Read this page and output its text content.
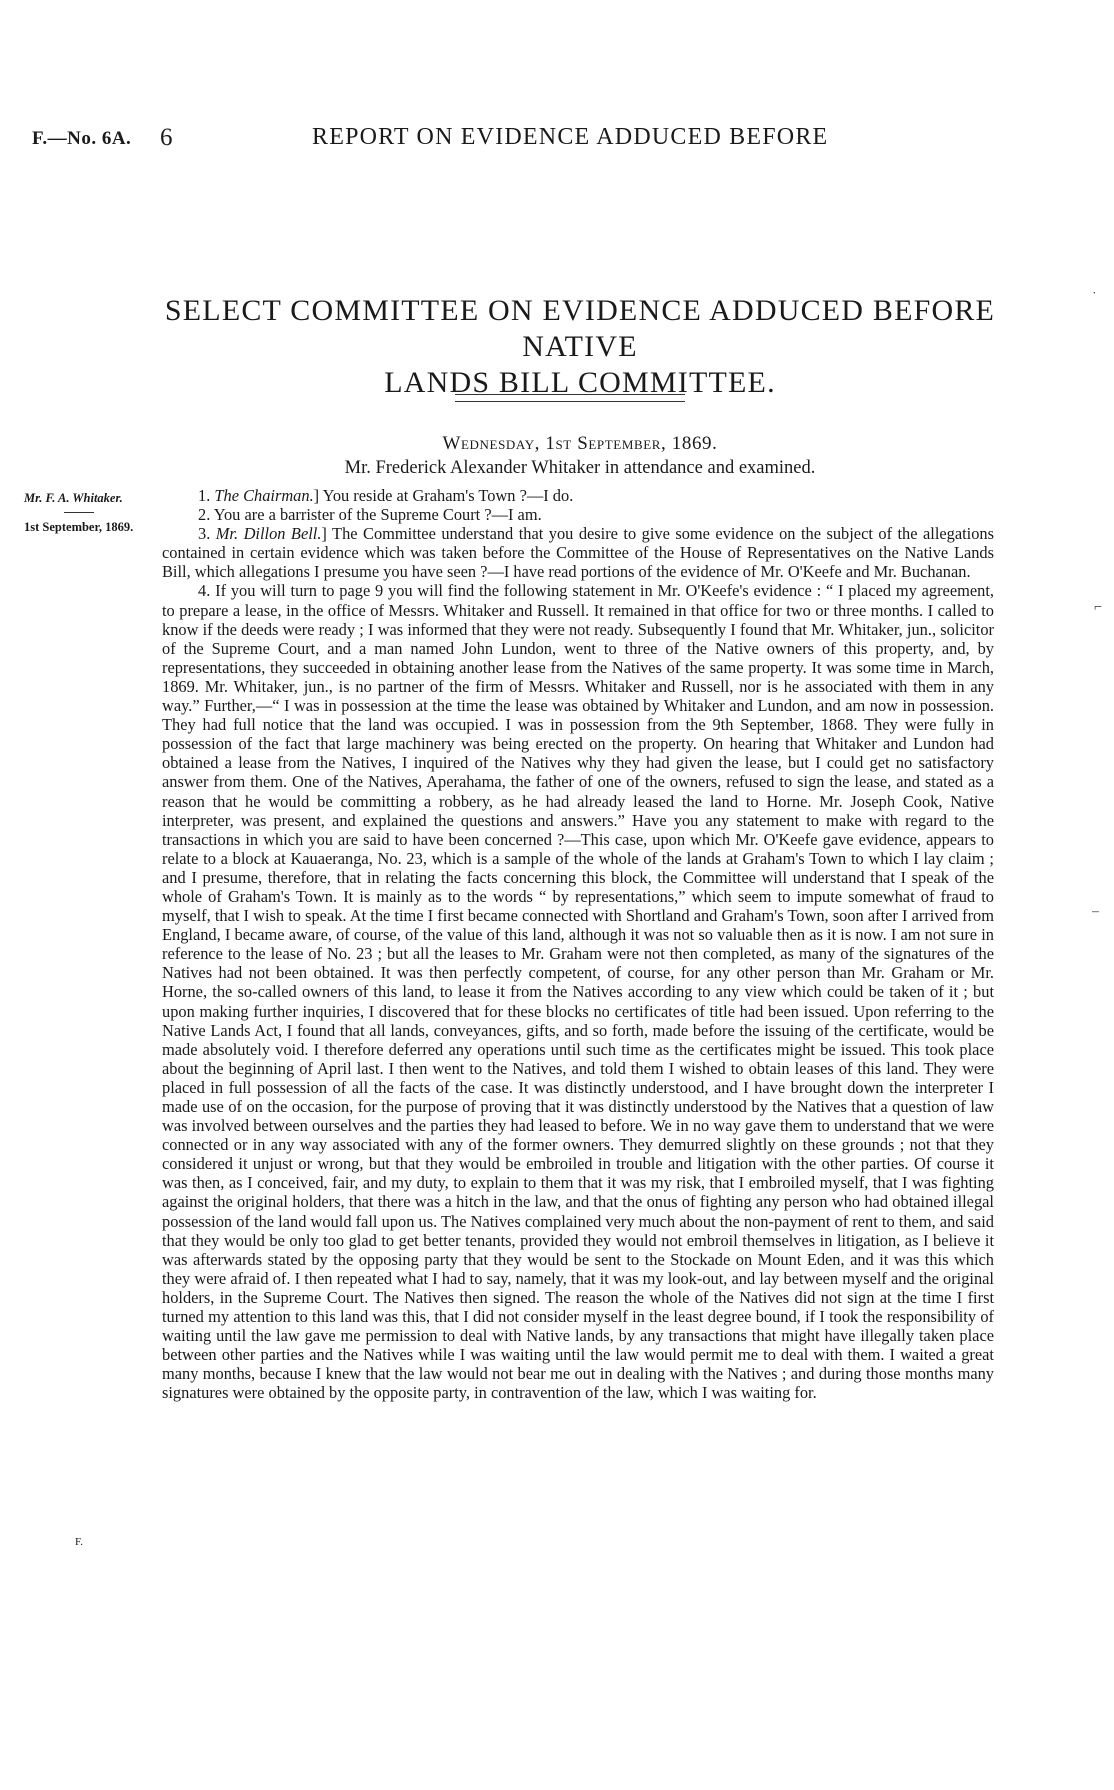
F.—No. 6A. 6	REPORT ON EVIDENCE ADDUCED BEFORE
SELECT COMMITTEE ON EVIDENCE ADDUCED BEFORE NATIVE
LANDS BILL COMMITTEE.
Wednesday, 1st September, 1869.
Mr. Frederick Alexander Whitaker in attendance and examined.
Mr. F. A. Whitaker.
1st September, 1869.
F.

1. The Chairman.] You reside at Graham's Town ?—I do.

2. You are a barrister of the Supreme Court ?—I am.

3. Mr. Dillon Bell.] The Committee understand that you desire to give some evidence on the subject of the allegations contained in certain evidence which was taken before the Committee of the House of Representatives on the Native Lands Bill, which allegations I presume you have seen ?—I have read portions of the evidence of Mr. O'Keefe and Mr. Buchanan.

4. If you will turn to page 9 you will find the following statement in Mr. O'Keefe's evidence : “ I placed my agreement, to prepare a lease, in the office of Messrs. Whitaker and Russell. It remained in that office for two or three months. I called to know if the deeds were ready ; I was informed that they were not ready. Subsequently I found that Mr. Whitaker, jun., solicitor of the Supreme Court, and a man named John Lundon, went to three of the Native owners of this property, and, by representations, they succeeded in obtaining another lease from the Natives of the same property. It was some time in March, 1869. Mr. Whitaker, jun., is no partner of the firm of Messrs. Whitaker and Russell, nor is he associated with them in any way.” Further,—“ I was in possession at the time the lease was obtained by Whitaker and Lundon, and am now in possession. They had full notice that the land was occupied. I was in possession from the 9th September, 1868. They were fully in possession of the fact that large machinery was being erected on the property. On hearing that Whitaker and Lundon had obtained a lease from the Natives, I inquired of the Natives why they had given the lease, but I could get no satisfactory answer from them. One of the Natives, Aperahama, the father of one of the owners, refused to sign the lease, and stated as a reason that he would be committing a robbery, as he had already leased the land to Horne. Mr. Joseph Cook, Native interpreter, was present, and explained the questions and answers.” Have you any statement to make with regard to the transactions in which you are said to have been concerned ?—This case, upon which Mr. O'Keefe gave evidence, appears to relate to a block at Kauaeranga, No. 23, which is a sample of the whole of the lands at Graham's Town to which I lay claim ; and I presume, therefore, that in relating the facts concerning this block, the Committee will understand that I speak of the whole of Graham's Town. It is mainly as to the words “ by representations,” which seem to impute somewhat of fraud to myself, that I wish to speak. At the time I first became connected with Shortland and Graham's Town, soon after I arrived from England, I became aware, of course, of the value of this land, although it was not so valuable then as it is now. I am not sure in reference to the lease of No. 23 ; but all the leases to Mr. Graham were not then completed, as many of the signatures of the Natives had not been obtained. It was then perfectly competent, of course, for any other person than Mr. Graham or Mr. Horne, the so-called owners of this land, to lease it from the Natives according to any view which could be taken of it ; but upon making further inquiries, I discovered that for these blocks no certificates of title had been issued. Upon referring to the Native Lands Act, I found that all lands, conveyances, gifts, and so forth, made before the issuing of the certificate, would be made absolutely void. I therefore deferred any operations until such time as the certificates might be issued. This took place about the beginning of April last. I then went to the Natives, and told them I wished to obtain leases of this land. They were placed in full possession of all the facts of the case. It was distinctly understood, and I have brought down the interpreter I made use of on the occasion, for the purpose of proving that it was distinctly understood by the Natives that a question of law was involved between ourselves and the parties they had leased to before. We in no way gave them to understand that we were connected or in any way associated with any of the former owners. They demurred slightly on these grounds ; not that they considered it unjust or wrong, but that they would be embroiled in trouble and litigation with the other parties. Of course it was then, as I conceived, fair, and my duty, to explain to them that it was my risk, that I embroiled myself, that I was fighting against the original holders, that there was a hitch in the law, and that the onus of fighting any person who had obtained illegal possession of the land would fall upon us. The Natives complained very much about the non-payment of rent to them, and said that they would be only too glad to get better tenants, provided they would not embroil themselves in litigation, as I believe it was afterwards stated by the opposing party that they would be sent to the Stockade on Mount Eden, and it was this which they were afraid of. I then repeated what I had to say, namely, that it was my look-out, and lay between myself and the original holders, in the Supreme Court. The Natives then signed. The reason the whole of the Natives did not sign at the time I first turned my attention to this land was this, that I did not consider myself in the least degree bound, if I took the responsibility of waiting until the law gave me permission to deal with Native lands, by any transactions that might have illegally taken place between other parties and the Natives while I was waiting until the law would permit me to deal with them. I waited a great many months, because I knew that the law would not bear me out in dealing with the Natives ; and during those months many signatures were obtained by the opposite party, in contravention of the law, which I was waiting for.

˙
⌐
–
